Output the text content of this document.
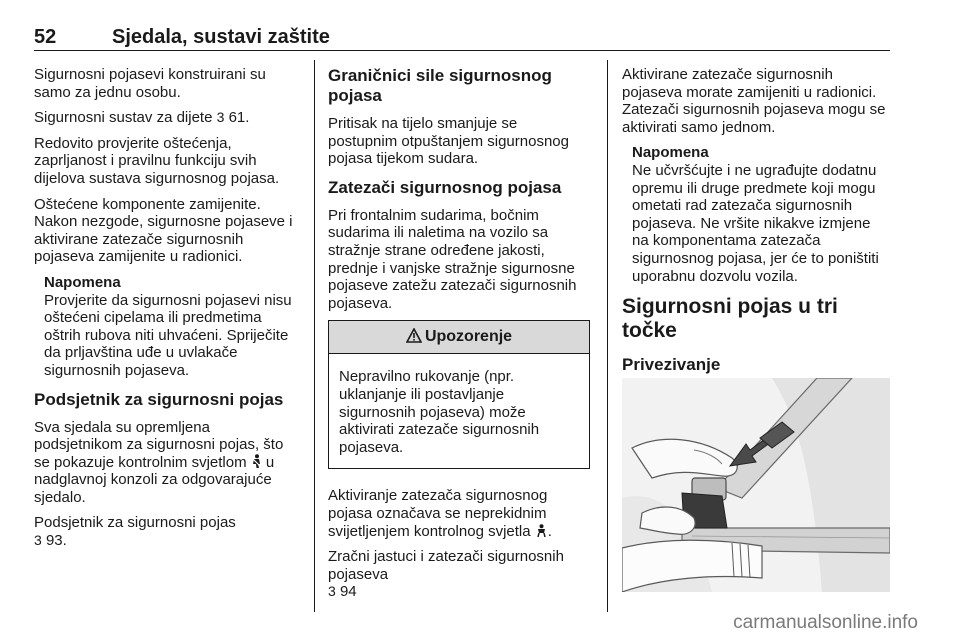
52	Sjedala, sustavi zaštite

Sigurnosni pojasevi konstruirani su samo za jednu osobu.

Sigurnosni sustav za dijete 3 61.

Redovito provjerite oštećenja, zaprljanost i pravilnu funkciju svih dijelova sustava sigurnosnog pojasa.

Oštećene komponente zamijenite. Nakon nezgode, sigurnosne pojaseve i aktivirane zatezače sigurnosnih pojaseva zamijenite u radionici.

Napomena
Provjerite da sigurnosni pojasevi nisu oštećeni cipelama ili predmetima oštrih rubova niti uhvaćeni. Spriječite da prljavština uđe u uvlakače sigurnosnih pojaseva.
Podsjetnik za sigurnosni pojas

Sva sjedala su opremljena podsjetnikom za sigurnosni pojas, što se pokazuje kontrolnim svjetlom  u nadglavnoj konzoli za odgovarajuće sjedalo.

Podsjetnik za sigurnosni pojas
3 93.

Graničnici sile sigurnosnog pojasa

Pritisak na tijelo smanjuje se postupnim otpuštanjem sigurnosnog pojasa tijekom sudara.

Zatezači sigurnosnog pojasa

Pri frontalnim sudarima, bočnim sudarima ili naletima na vozilo sa stražnje strane određene jakosti, prednje i vanjske stražnje sigurnosne pojaseve zatežu zatezači sigurnosnih pojaseva.

Upozorenje
Nepravilno rukovanje (npr. uklanjanje ili postavljanje sigurnosnih pojaseva) može aktivirati zatezače sigurnosnih pojaseva.

Aktiviranje zatezača sigurnosnog pojasa označava se neprekidnim svijetljenjem kontrolnog svjetla .

Zračni jastuci i zatezači sigurnosnih pojaseva
3 94

Aktivirane zatezače sigurnosnih pojaseva morate zamijeniti u radionici. Zatezači sigurnosnih pojaseva mogu se aktivirati samo jednom.

Napomena
Ne učvršćujte i ne ugrađujte dodatnu opremu ili druge predmete koji mogu ometati rad zatezača sigurnosnih pojaseva. Ne vršite nikakve izmjene na komponentama zatezača sigurnosnog pojasa, jer će to poništiti uporabnu dozvolu vozila.
Sigurnosni pojas u tri točke
Privezivanje
carmanualsonline.info
